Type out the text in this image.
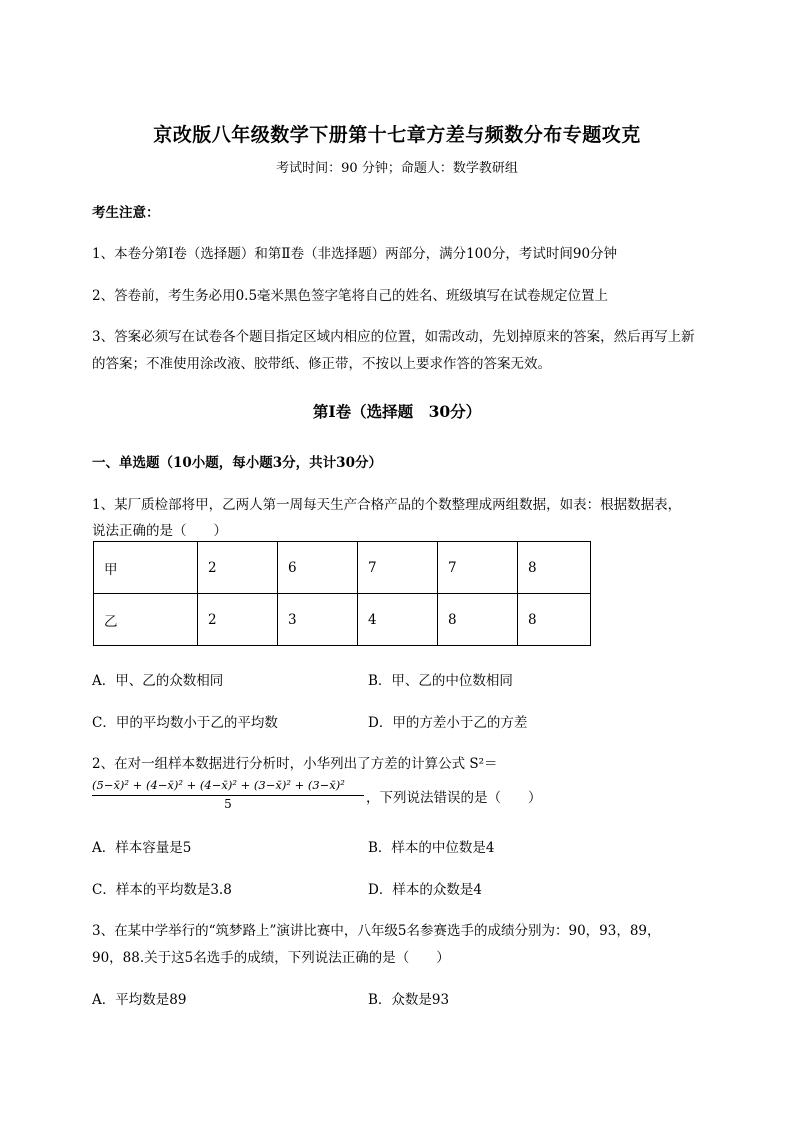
京改版八年级数学下册第十七章方差与频数分布专题攻克
考试时间：90 分钟；命题人：数学教研组
考生注意：
1、本卷分第I卷（选择题）和第Ⅱ卷（非选择题）两部分，满分100分，考试时间90分钟
2、答卷前，考生务必用0.5毫米黑色签字笔将自己的姓名、班级填写在试卷规定位置上
3、答案必须写在试卷各个题目指定区域内相应的位置，如需改动，先划掉原来的答案，然后再写上新
的答案；不准使用涂改液、胶带纸、修正带，不按以上要求作答的答案无效。
第I卷（选择题　30分）
一、单选题（10小题，每小题3分，共计30分）
1、某厂质检部将甲，乙两人第一周每天生产合格产品的个数整理成两组数据，如表：根据数据表，
说法正确的是（　　）
甲	2	6	7	7	8
乙	2	3	4	8	8
A．甲、乙的众数相同	B．甲、乙的中位数相同
C．甲的平均数小于乙的平均数	D．甲的方差小于乙的方差
2、在对一组样本数据进行分析时，小华列出了方差的计算公式 S²＝
(5−x̄)² + (4−x̄)² + (4−x̄)² + (3−x̄)² + (3−x̄)²
5	，下列说法错误的是（　　）
A．样本容量是5	B．样本的中位数是4
C．样本的平均数是3.8	D．样本的众数是4
3、在某中学举行的“筑梦路上”演讲比赛中，八年级5名参赛选手的成绩分别为：90，93，89，
90，88.关于这5名选手的成绩，下列说法正确的是（　　）
A．平均数是89	B．众数是93
